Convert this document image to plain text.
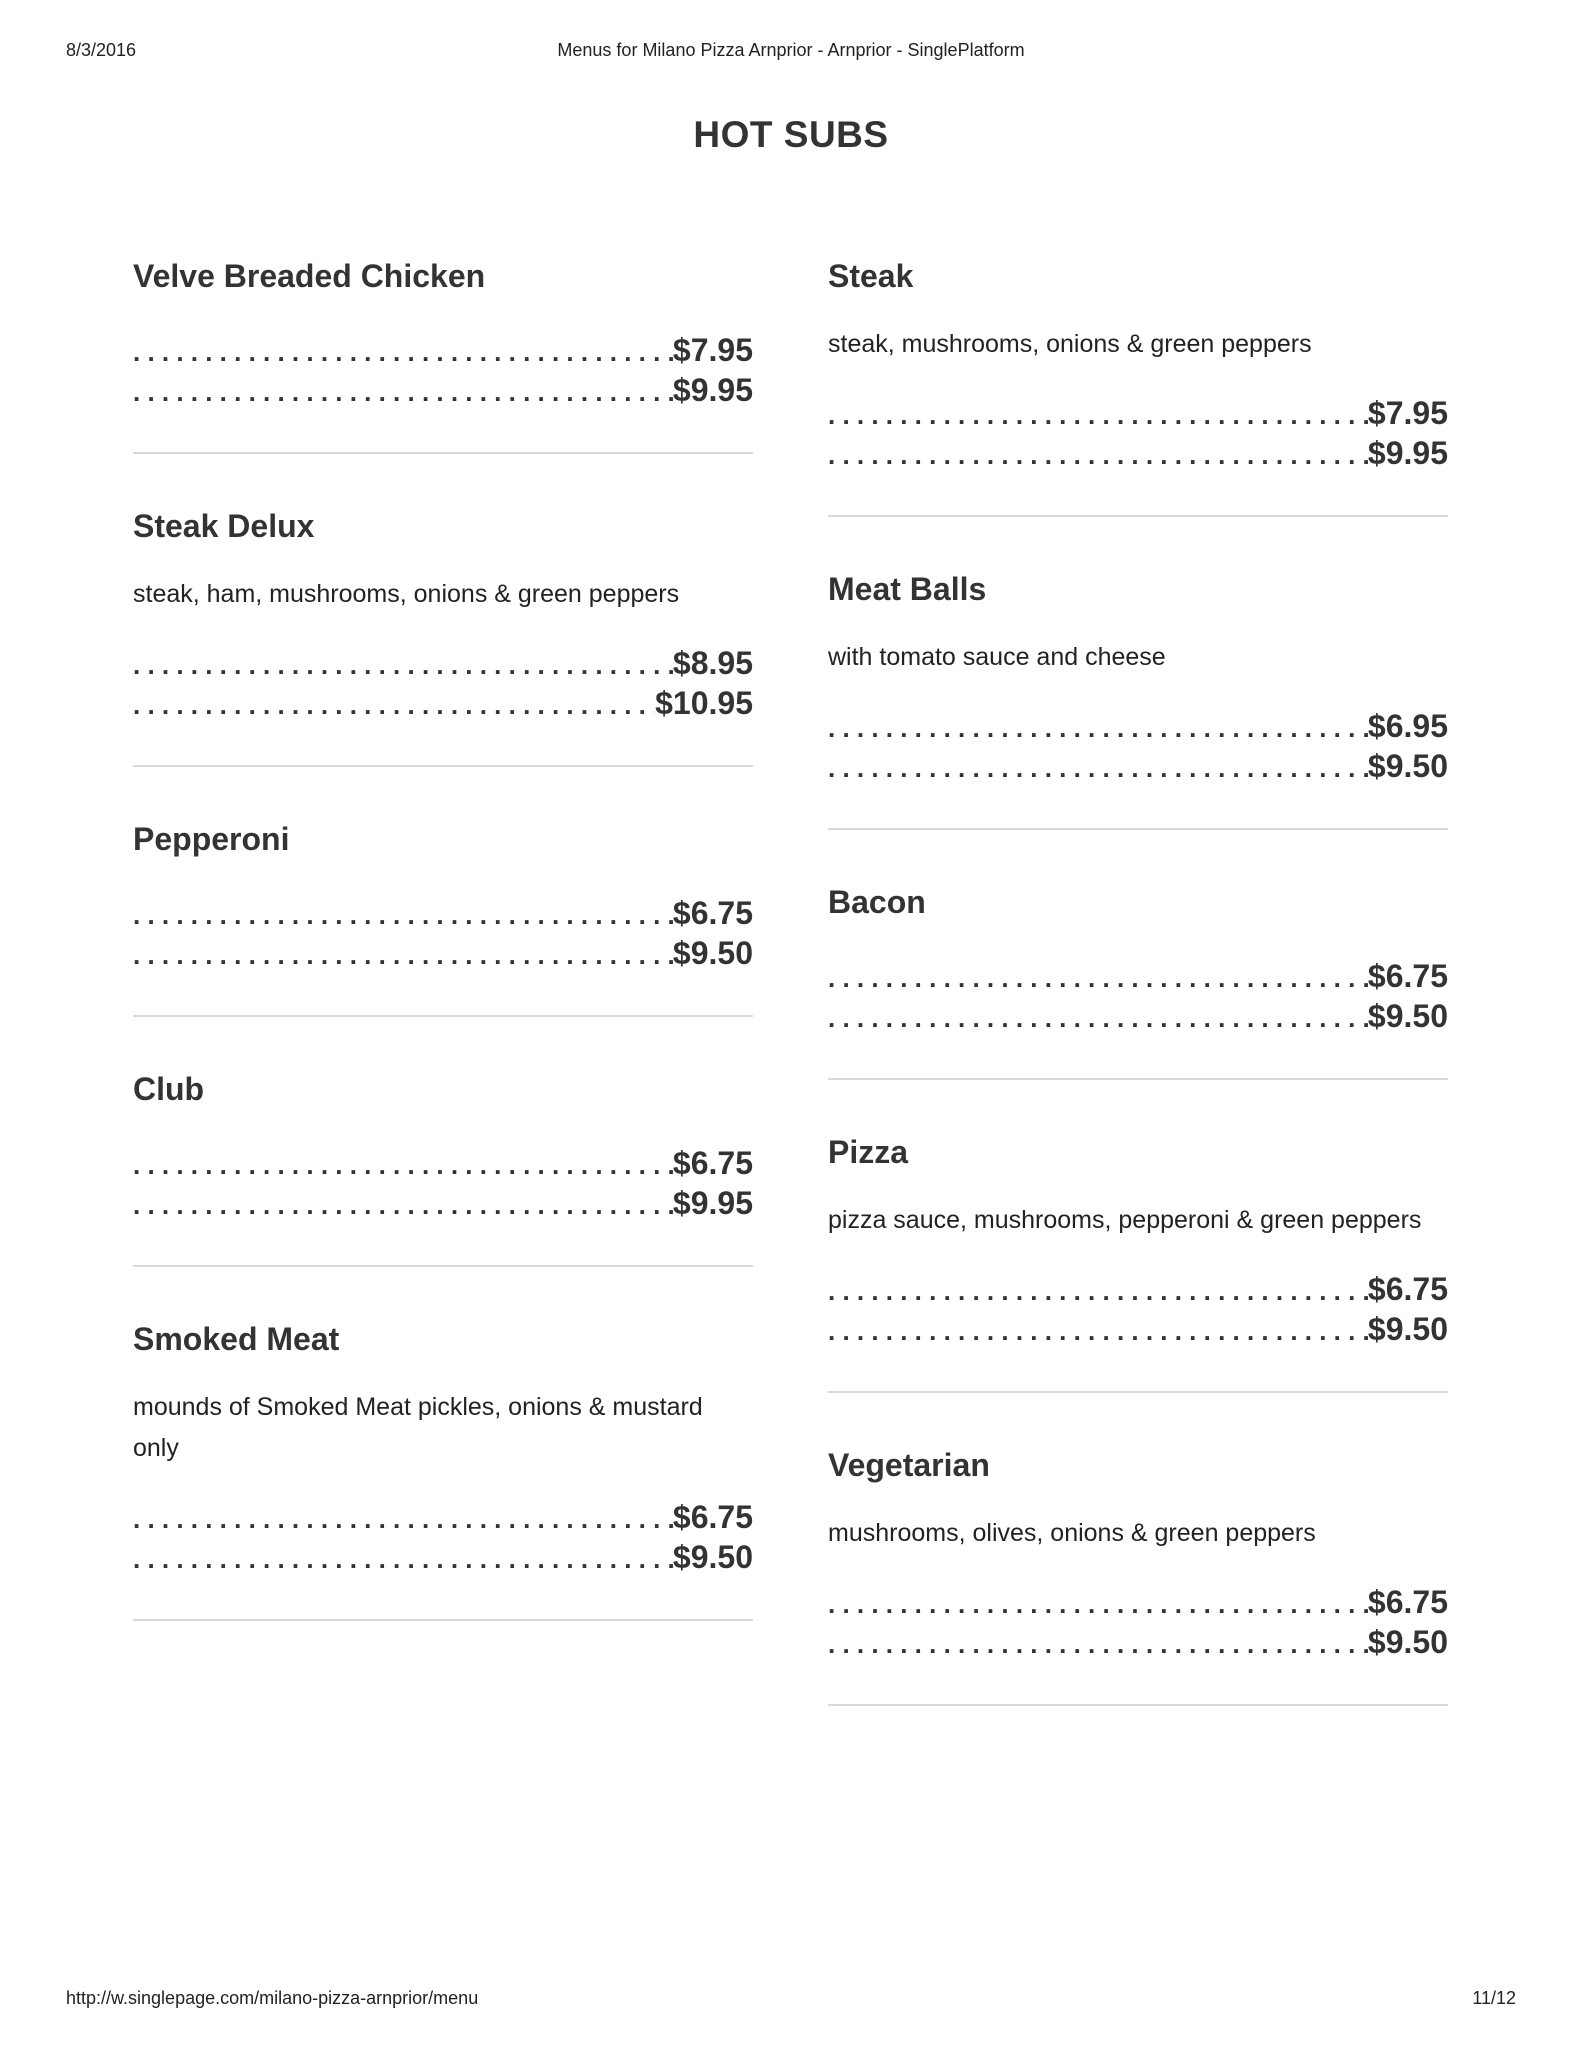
8/3/2016	Menus for Milano Pizza Arnprior - Arnprior - SinglePlatform
HOT SUBS
Velve Breaded Chicken
. . .
$7.95
. . .
$9.95
Steak Delux
steak, ham, mushrooms, onions & green peppers
. . .
$8.95
. . .
$10.95
Pepperoni
. . .
$6.75
. . .
$9.50
Club
. . .
$6.75
. . .
$9.95
Smoked Meat
mounds of Smoked Meat pickles, onions & mustard only
. . .
$6.75
. . .
$9.50
Steak
steak, mushrooms, onions & green peppers
. . .
$7.95
. . .
$9.95
Meat Balls
with tomato sauce and cheese
. . .
$6.95
. . .
$9.50
Bacon
. . .
$6.75
. . .
$9.50
Pizza
pizza sauce, mushrooms, pepperoni & green peppers
. . .
$6.75
. . .
$9.50
Vegetarian
mushrooms, olives, onions & green peppers
. . .
$6.75
. . .
$9.50
http://w.singlepage.com/milano-pizza-arnprior/menu	11/12
